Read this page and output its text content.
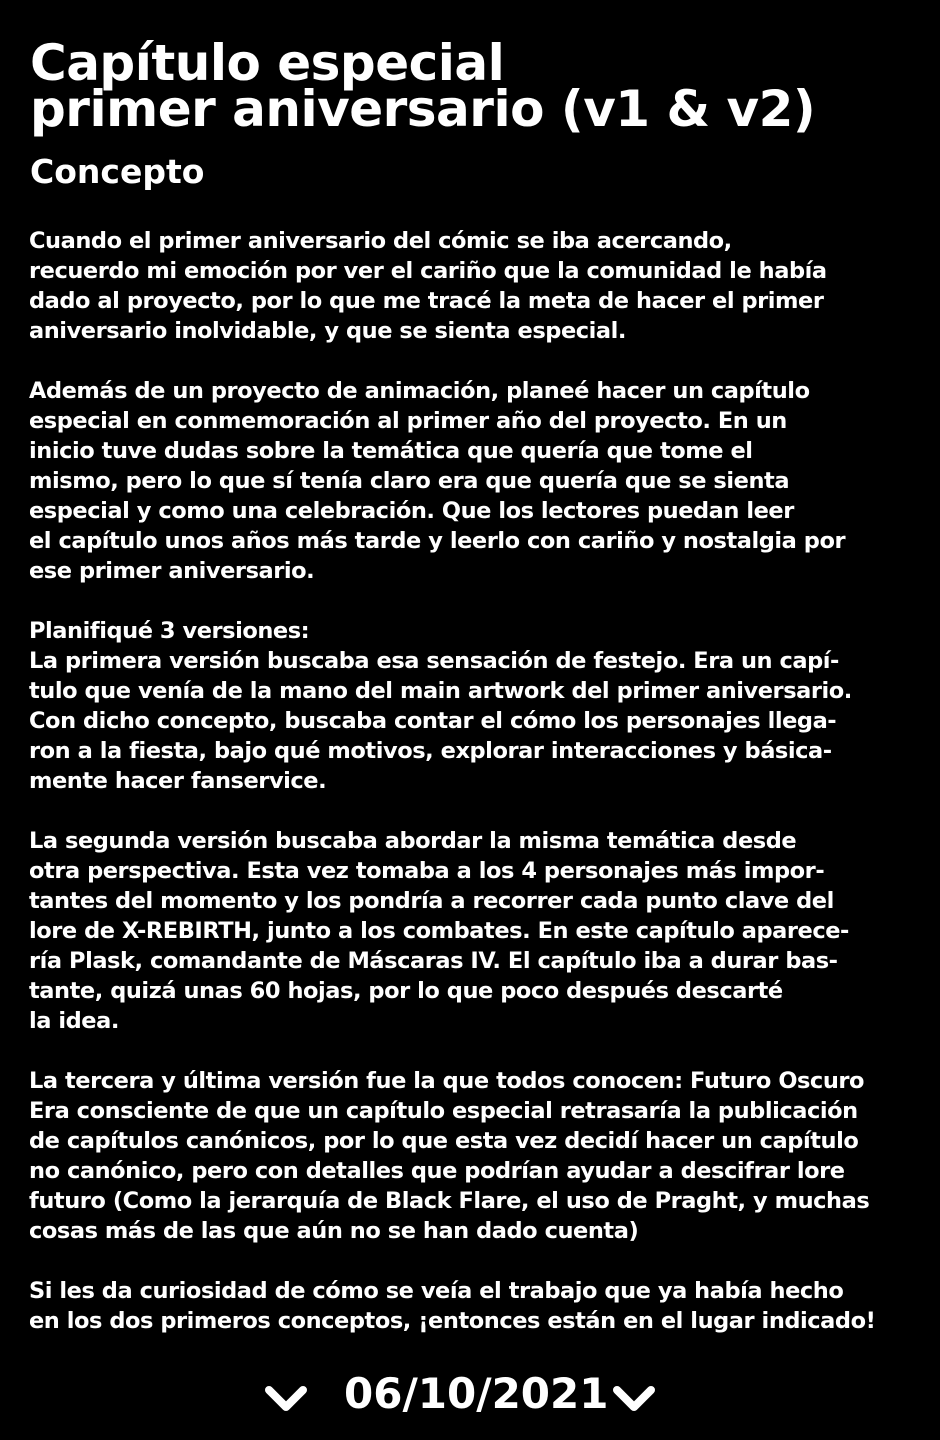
Capítulo especial
primer aniversario (v1 & v2)
Concepto

Cuando el primer aniversario del cómic se iba acercando,
recuerdo mi emoción por ver el cariño que la comunidad le había
dado al proyecto, por lo que me tracé la meta de hacer el primer
aniversario inolvidable, y que se sienta especial.

Además de un proyecto de animación, planeé hacer un capítulo
especial en conmemoración al primer año del proyecto. En un
inicio tuve dudas sobre la temática que quería que tome el
mismo, pero lo que sí tenía claro era que quería que se sienta
especial y como una celebración. Que los lectores puedan leer
el capítulo unos años más tarde y leerlo con cariño y nostalgia por
ese primer aniversario.

Planifiqué 3 versiones:
La primera versión buscaba esa sensación de festejo. Era un capí-
tulo que venía de la mano del main artwork del primer aniversario.
Con dicho concepto, buscaba contar el cómo los personajes llega-
ron a la fiesta, bajo qué motivos, explorar interacciones y básica-
mente hacer fanservice.

La segunda versión buscaba abordar la misma temática desde
otra perspectiva. Esta vez tomaba a los 4 personajes más impor-
tantes del momento y los pondría a recorrer cada punto clave del
lore de X-REBIRTH, junto a los combates. En este capítulo aparece-
ría Plask, comandante de Máscaras IV. El capítulo iba a durar bas-
tante, quizá unas 60 hojas, por lo que poco después descarté
la idea.

La tercera y última versión fue la que todos conocen: Futuro Oscuro
Era consciente de que un capítulo especial retrasaría la publicación
de capítulos canónicos, por lo que esta vez decidí hacer un capítulo
no canónico, pero con detalles que podrían ayudar a descifrar lore
futuro (Como la jerarquía de Black Flare, el uso de Praght, y muchas
cosas más de las que aún no se han dado cuenta)

Si les da curiosidad de cómo se veía el trabajo que ya había hecho
en los dos primeros conceptos, ¡entonces están en el lugar indicado!

06/10/2021
